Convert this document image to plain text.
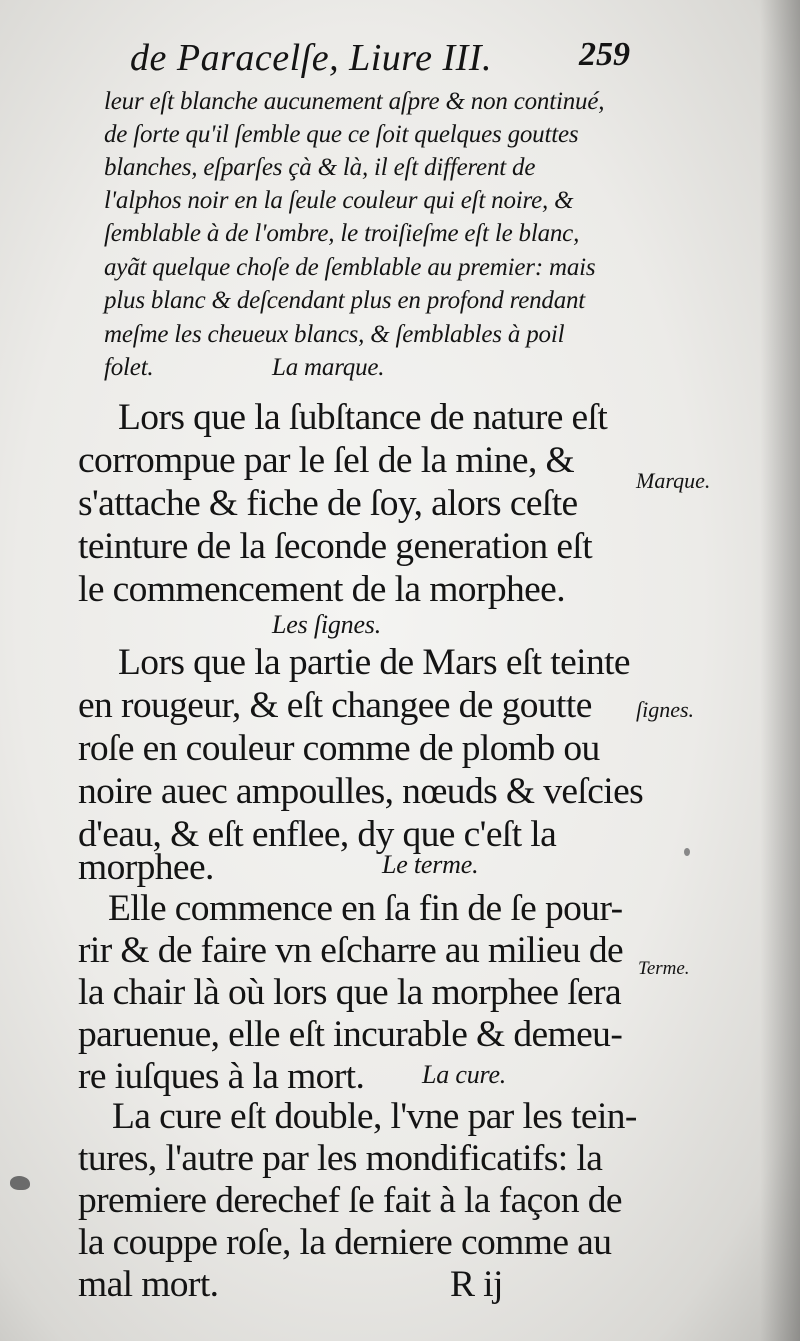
de Paracelſe, Liure III.	259
leur eſt blanche aucunement aſpre & non continué,
de ſorte qu'il ſemble que ce ſoit quelques gouttes
blanches, eſparſes çà & là, il eſt different de
l'alphos noir en la ſeule couleur qui eſt noire, &
ſemblable à de l'ombre, le troiſieſme eſt le blanc,
ayãt quelque choſe de ſemblable au premier: mais
plus blanc & deſcendant plus en profond rendant
meſme les cheueux blancs, & ſemblables à poil
folet.	La marque.
Lors que la ſubſtance de nature eſt
corrompue par le ſel de la mine, &
s'attache & fiche de ſoy, alors ceſte
teinture de la ſeconde generation eſt
le commencement de la morphee.
Les ſignes.
Lors que la partie de Mars eſt teinte
en rougeur, & eſt changee de goutte
roſe en couleur comme de plomb ou
noire auec ampoulles, nœuds & veſcies
d'eau, & eſt enflee, dy que c'eſt la
morphee.	Le terme.
Elle commence en ſa fin de ſe pour-
rir & de faire vn eſcharre au milieu de
la chair là où lors que la morphee ſera
paruenue, elle eſt incurable & demeu-
re iuſques à la mort. La cure.
La cure eſt double, l'vne par les tein-
tures, l'autre par les mondificatifs: la
premiere derechef ſe fait à la façon de
la couppe roſe, la derniere comme au
mal mort.	R ij
Marque.
ſignes.
Terme.
